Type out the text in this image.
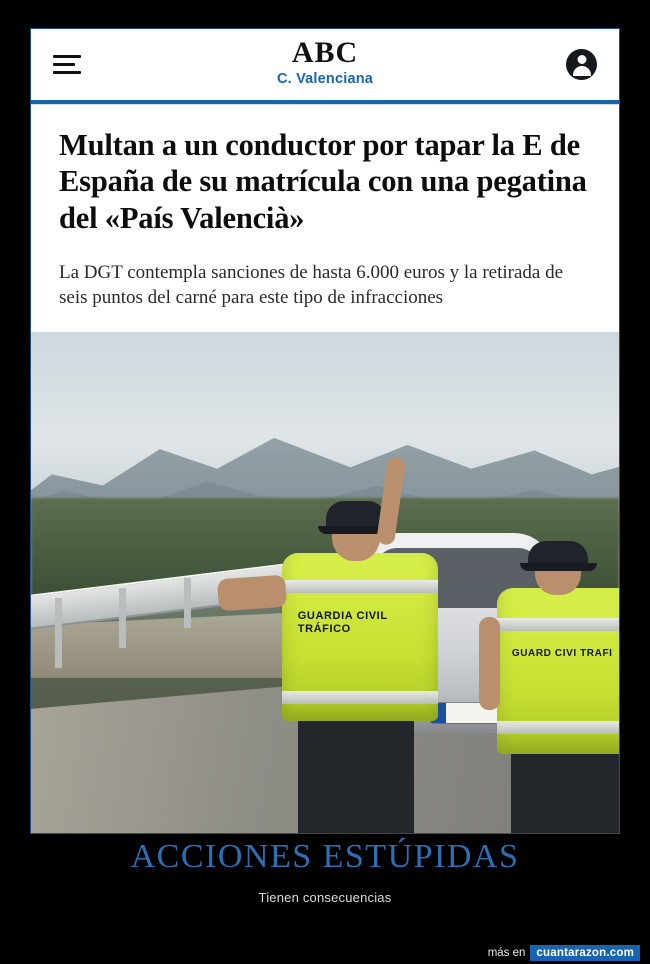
ABC
C. Valenciana
Multan a un conductor por tapar la E de España de su matrícula con una pegatina del «País Valencià»

La DGT contempla sanciones de hasta 6.000 euros y la retirada de seis puntos del carné para este tipo de infracciones

GUARDIA CIVIL TRÁFICO
GUARD CIVI TRAFI
ACCIONES ESTÚPIDAS
Tienen consecuencias
más en cuantarazon.com
